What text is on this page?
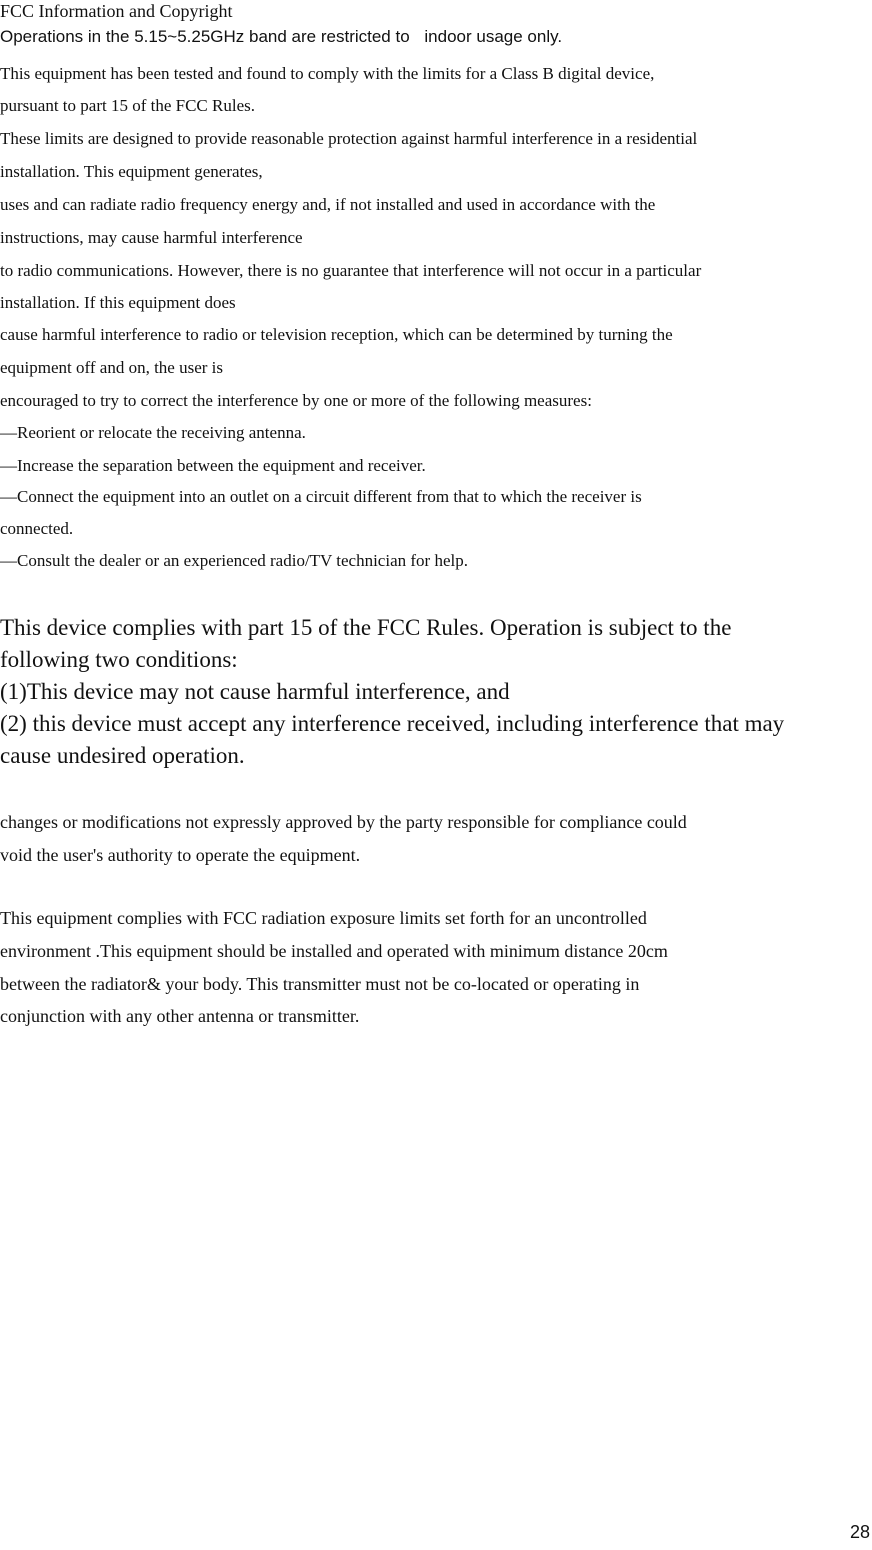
FCC Information and Copyright
Operations in the 5.15~5.25GHz band are restricted to indoor usage only.
This equipment has been tested and found to comply with the limits for a Class B digital device,
pursuant to part 15 of the FCC Rules.
These limits are designed to provide reasonable protection against harmful interference in a residential
installation. This equipment generates,
uses and can radiate radio frequency energy and, if not installed and used in accordance with the
instructions, may cause harmful interference
to radio communications. However, there is no guarantee that interference will not occur in a particular
installation. If this equipment does
cause harmful interference to radio or television reception, which can be determined by turning the
equipment off and on, the user is
encouraged to try to correct the interference by one or more of the following measures:
—Reorient or relocate the receiving antenna.
—Increase the separation between the equipment and receiver.
—Connect the equipment into an outlet on a circuit different from that to which the receiver is
connected.
—Consult the dealer or an experienced radio/TV technician for help.
This device complies with part 15 of the FCC Rules. Operation is subject to the
following two conditions:
(1)This device may not cause harmful interference, and
(2) this device must accept any interference received, including interference that may
cause undesired operation.
changes or modifications not expressly approved by the party responsible for compliance could
void the user's authority to operate the equipment.
This equipment complies with FCC radiation exposure limits set forth for an uncontrolled
environment .This equipment should be installed and operated with minimum distance 20cm
between the radiator& your body. This transmitter must not be co-located or operating in
conjunction with any other antenna or transmitter.
28
